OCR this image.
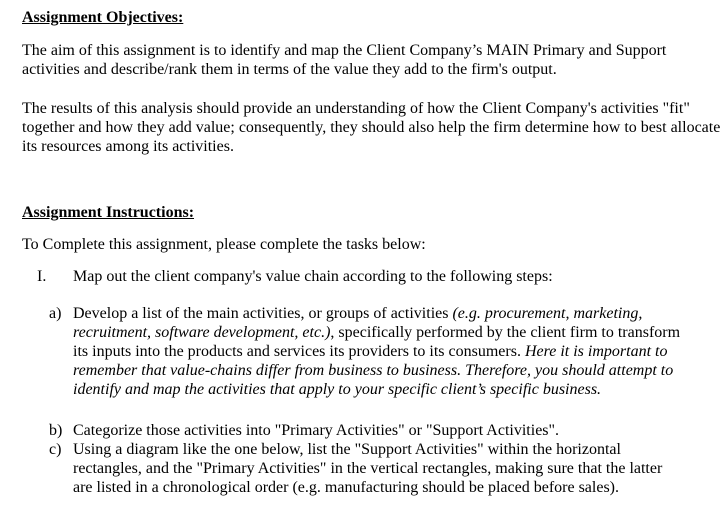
Assignment Objectives:

The aim of this assignment is to identify and map the Client Company’s MAIN Primary and Support activities and describe/rank them in terms of the value they add to the firm's output.

The results of this analysis should provide an understanding of how the Client Company's activities "fit" together and how they add value; consequently, they should also help the firm determine how to best allocate its resources among its activities.

Assignment Instructions:
To Complete this assignment, please complete the tasks below:
I. Map out the client company's value chain according to the following steps:
a) Develop a list of the main activities, or groups of activities (e.g. procurement, marketing, recruitment, software development, etc.), specifically performed by the client firm to transform its inputs into the products and services its providers to its consumers. Here it is important to remember that value-chains differ from business to business. Therefore, you should attempt to identify and map the activities that apply to your specific client’s specific business.
b) Categorize those activities into "Primary Activities" or "Support Activities".
c) Using a diagram like the one below, list the "Support Activities" within the horizontal rectangles, and the "Primary Activities" in the vertical rectangles, making sure that the latter are listed in a chronological order (e.g. manufacturing should be placed before sales).
